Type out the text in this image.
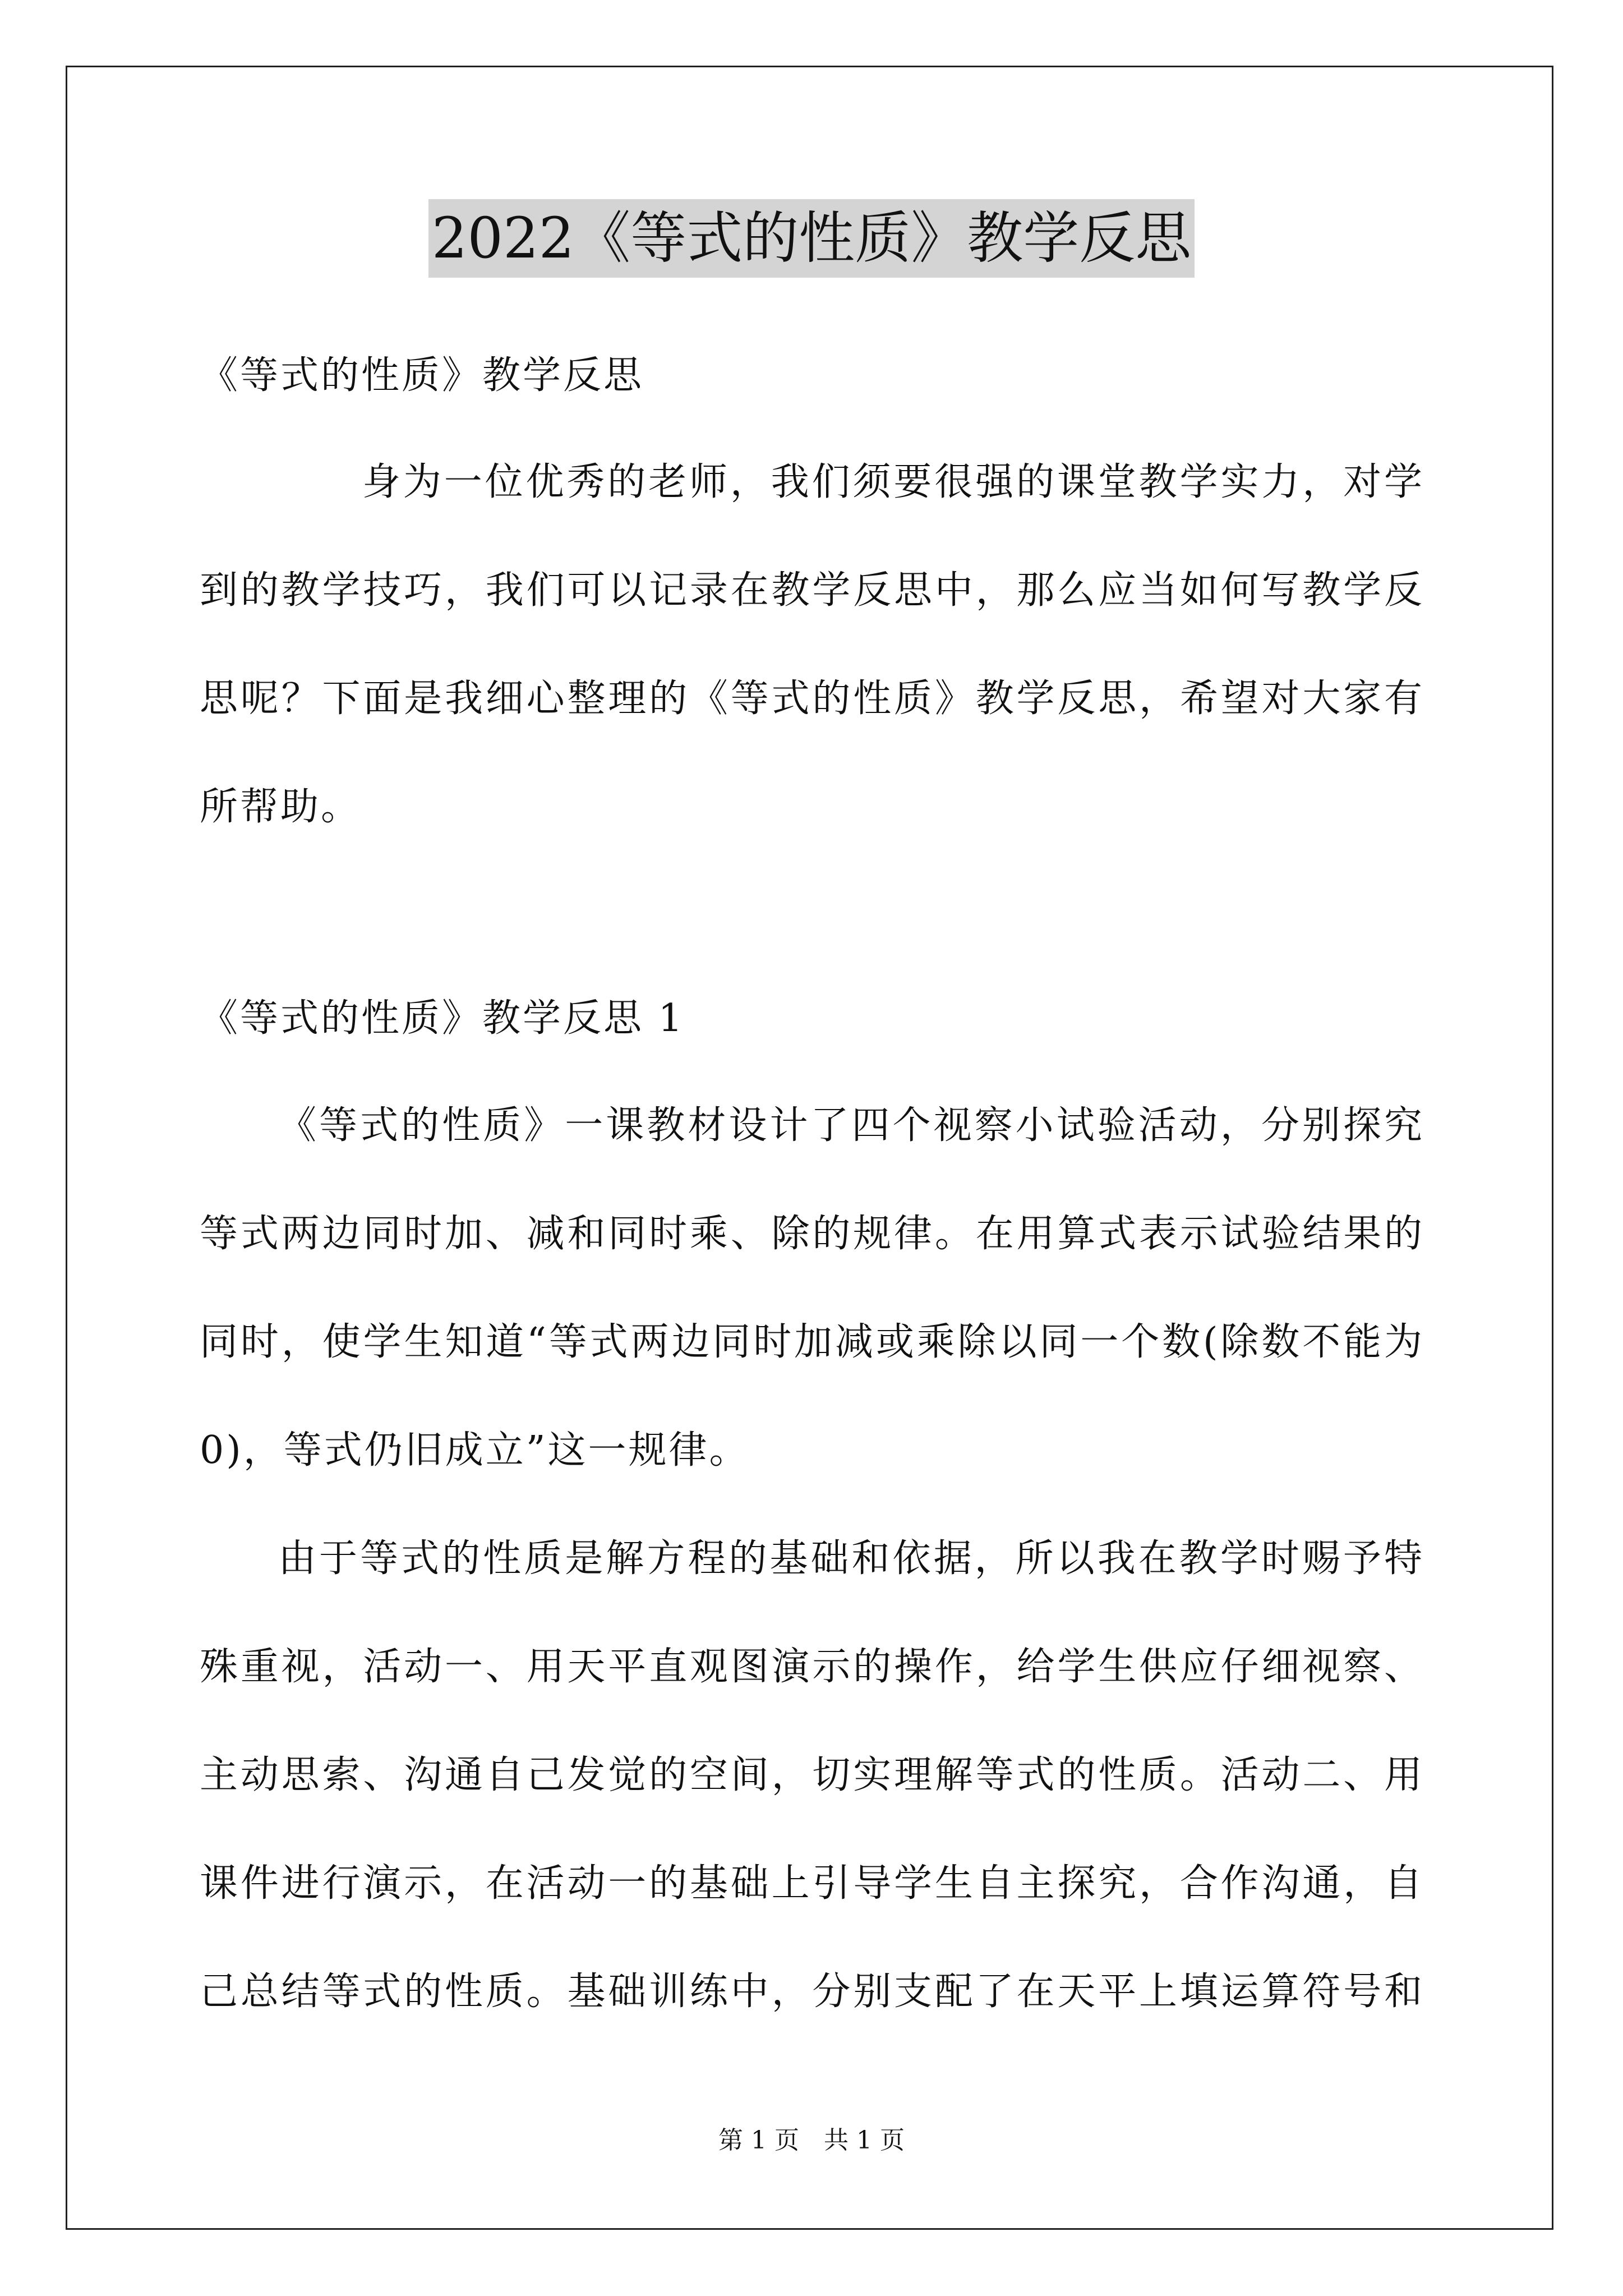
2022《等式的性质》教学反思
《等式的性质》教学反思
身为一位优秀的老师，我们须要很强的课堂教学实力，对学
到的教学技巧，我们可以记录在教学反思中，那么应当如何写教学反
思呢？下面是我细心整理的《等式的性质》教学反思，希望对大家有
所帮助。
《等式的性质》教学反思 1
《等式的性质》一课教材设计了四个视察小试验活动，分别探究
等式两边同时加、减和同时乘、除的规律。在用算式表示试验结果的
同时，使学生知道“等式两边同时加减或乘除以同一个数(除数不能为
0)，等式仍旧成立”这一规律。
由于等式的性质是解方程的基础和依据，所以我在教学时赐予特
殊重视，活动一、用天平直观图演示的操作，给学生供应仔细视察、
主动思索、沟通自己发觉的空间，切实理解等式的性质。活动二、用
课件进行演示，在活动一的基础上引导学生自主探究，合作沟通，自
己总结等式的性质。基础训练中，分别支配了在天平上填运算符号和
第 1 页　共 1 页
